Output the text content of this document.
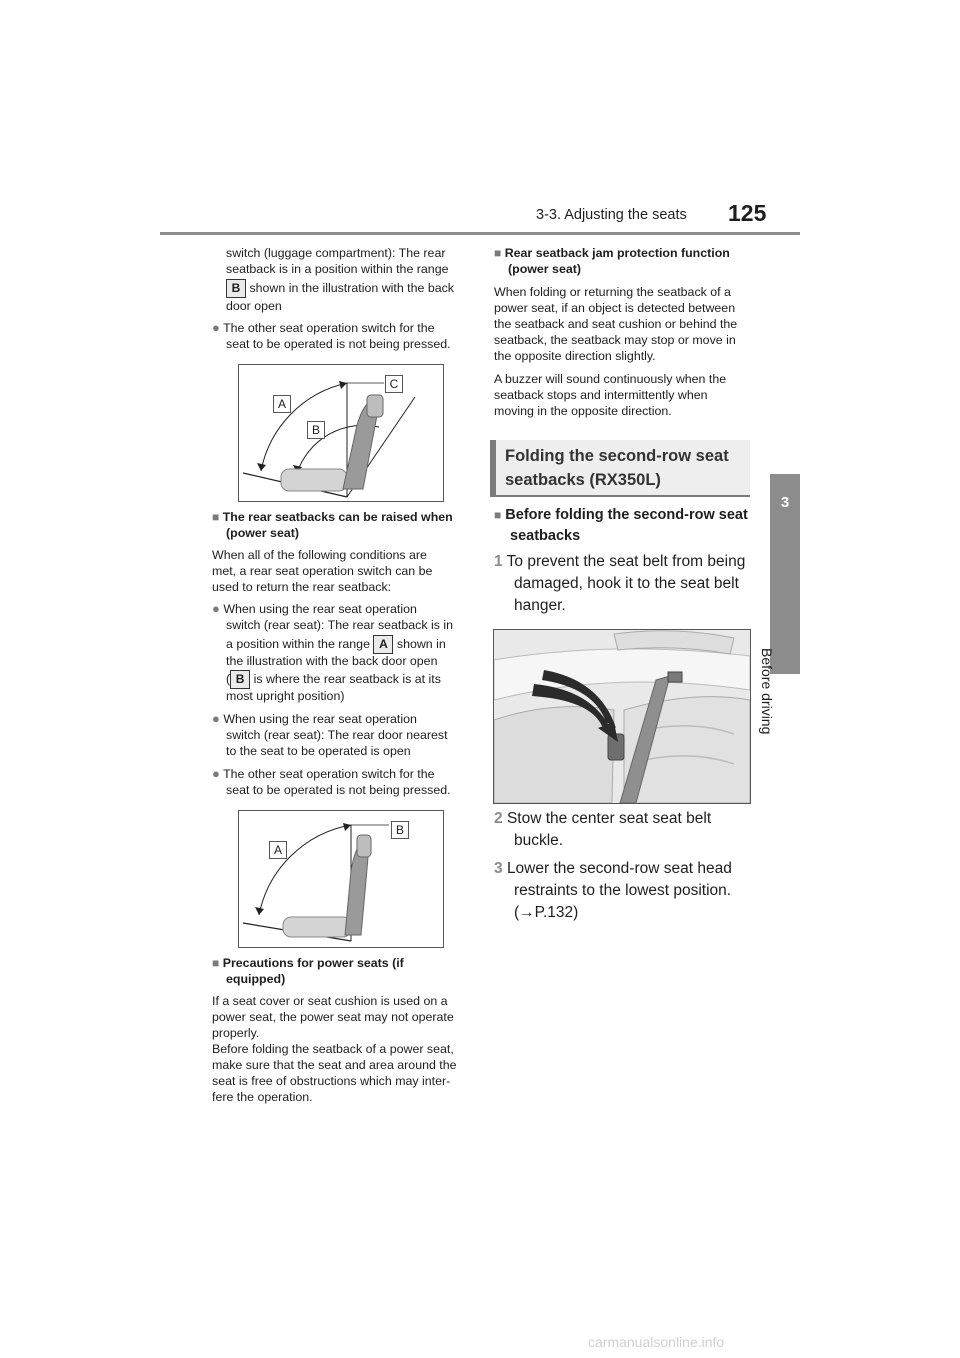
3-3. Adjusting the seats 125
3
Before driving
switch (luggage compartment): The rear
seatback is in a position within the range
B shown in the illustration with the back
door open
● The other seat operation switch for the
seat to be operated is not being pressed.
A
B
C
■ The rear seatbacks can be raised when
(power seat)
When all of the following conditions are
met, a rear seat operation switch can be
used to return the rear seatback:
● When using the rear seat operation
switch (rear seat): The rear seatback is in
a position within the range A shown in
the illustration with the back door open
( B is where the rear seatback is at its
most upright position)
● When using the rear seat operation
switch (rear seat): The rear door nearest
to the seat to be operated is open
● The other seat operation switch for the
seat to be operated is not being pressed.
A
B
■ Precautions for power seats (if
equipped)
If a seat cover or seat cushion is used on a
power seat, the power seat may not operate
properly.
Before folding the seatback of a power seat,
make sure that the seat and area around the
seat is free of obstructions which may inter-
fere the operation.
■ Rear seatback jam protection function
(power seat)
When folding or returning the seatback of a
power seat, if an object is detected between
the seatback and seat cushion or behind the
seatback, the seatback may stop or move in
the opposite direction slightly.
A buzzer will sound continuously when the
seatback stops and intermittently when
moving in the opposite direction.
Folding the second-row seat
seatbacks (RX350L)
■ Before folding the second-row seat
seatbacks
1 To prevent the seat belt from being
damaged, hook it to the seat belt
hanger.
2 Stow the center seat seat belt
buckle.
3 Lower the second-row seat head
restraints to the lowest position.
(→P.132)
carmanualsonline.info
